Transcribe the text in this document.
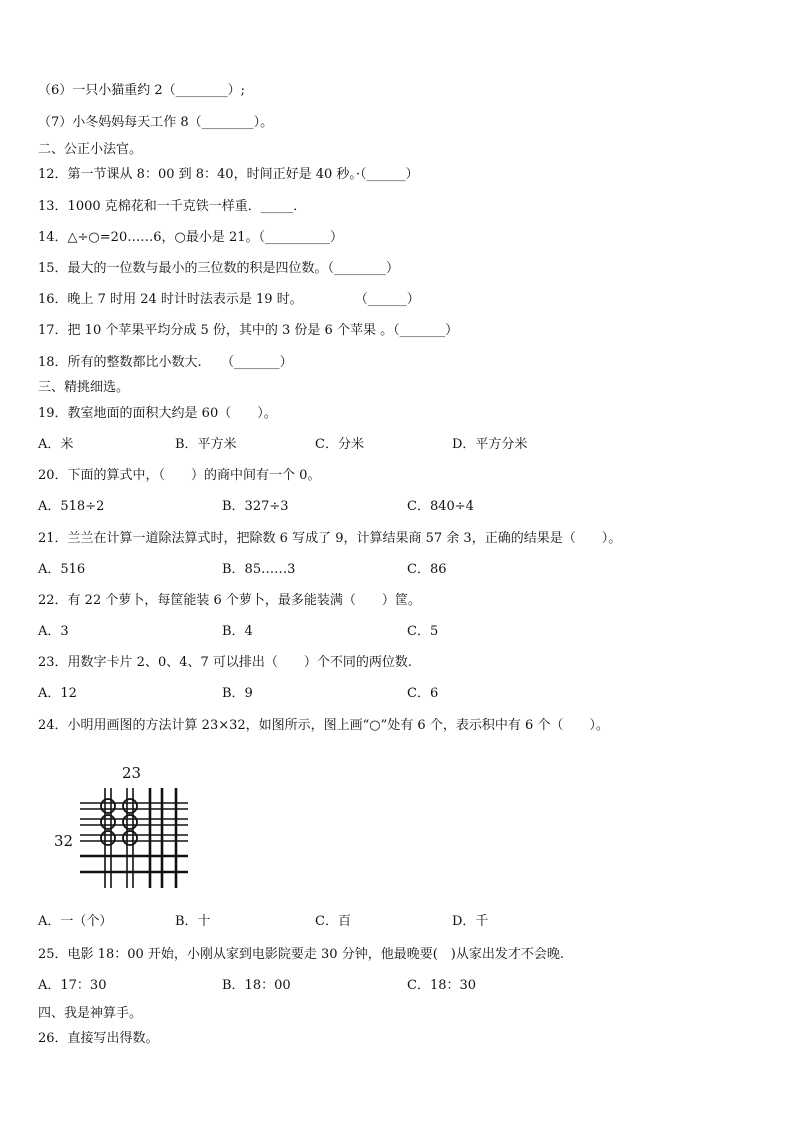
（6）一只小猫重约 2（________）;
（7）小冬妈妈每天工作 8（________）。
二、公正小法官。
12．第一节课从 8：00 到 8：40，时间正好是 40 秒。·（______）
13．1000 克棉花和一千克铁一样重．_____．
14．△÷○=20……6，○最小是 21。（__________）
15．最大的一位数与最小的三位数的积是四位数。（________）
16．晚上 7 时用 24 时计时法表示是 19 时。　　　　　（______）
17．把 10 个苹果平均分成 5 份，其中的 3 份是 6 个苹果 。（_______）
18．所有的整数都比小数大.　　（_______）
三、精挑细选。
19．教室地面的面积大约是 60（　　）。
A．米	B．平方米	C．分米	D．平方分米
20．下面的算式中，（　　）的商中间有一个 0。
A．518÷2	B．327÷3	C．840÷4
21．兰兰在计算一道除法算式时，把除数 6 写成了 9，计算结果商 57 余 3，正确的结果是（　　）。
A．516	B．85……3	C．86
22．有 22 个萝卜，每筐能装 6 个萝卜，最多能装满（　　）筐。
A．3	B．4	C．5
23．用数字卡片 2、0、4、7 可以排出（　　）个不同的两位数.
A．12	B．9	C．6
24．小明用画图的方法计算 23×32，如图所示，图上画“○”处有 6 个，表示积中有 6 个（　　）。
23
32
A．一（个）	B．十	C．百	D．千
25．电影 18：00 开始，小刚从家到电影院要走 30 分钟，他最晚要(　)从家出发才不会晚.
A．17：30	B．18：00	C．18：30
四、我是神算手。
26．直接写出得数。
